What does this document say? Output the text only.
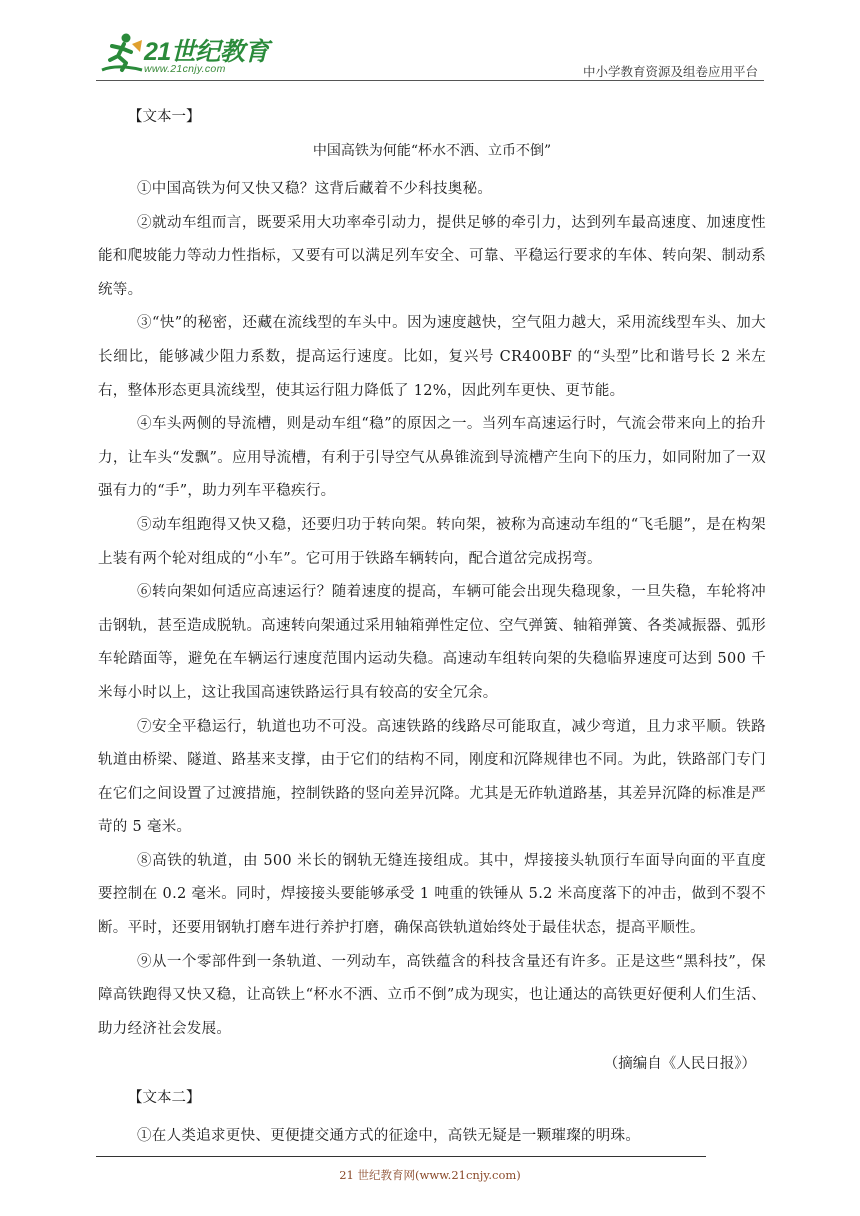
21世纪教育
www.21cnjy.com	中小学教育资源及组卷应用平台
【文本一】
中国高铁为何能“杯水不洒、立币不倒”

①中国高铁为何又快又稳？这背后藏着不少科技奥秘。

②就动车组而言，既要采用大功率牵引动力，提供足够的牵引力，达到列车最高速度、加速度性能和爬坡能力等动力性指标，又要有可以满足列车安全、可靠、平稳运行要求的车体、转向架、制动系统等。

③“快”的秘密，还藏在流线型的车头中。因为速度越快，空气阻力越大，采用流线型车头、加大长细比，能够减少阻力系数，提高运行速度。比如，复兴号 CR400BF 的“头型”比和谐号长 2 米左右，整体形态更具流线型，使其运行阻力降低了 12%，因此列车更快、更节能。

④车头两侧的导流槽，则是动车组“稳”的原因之一。当列车高速运行时，气流会带来向上的抬升力，让车头“发飘”。应用导流槽，有利于引导空气从鼻锥流到导流槽产生向下的压力，如同附加了一双强有力的“手”，助力列车平稳疾行。

⑤动车组跑得又快又稳，还要归功于转向架。转向架，被称为高速动车组的“飞毛腿”，是在构架上装有两个轮对组成的“小车”。它可用于铁路车辆转向，配合道岔完成拐弯。

⑥转向架如何适应高速运行？随着速度的提高，车辆可能会出现失稳现象，一旦失稳，车轮将冲击钢轨，甚至造成脱轨。高速转向架通过采用轴箱弹性定位、空气弹簧、轴箱弹簧、各类减振器、弧形车轮踏面等，避免在车辆运行速度范围内运动失稳。高速动车组转向架的失稳临界速度可达到 500 千米每小时以上，这让我国高速铁路运行具有较高的安全冗余。

⑦安全平稳运行，轨道也功不可没。高速铁路的线路尽可能取直，减少弯道，且力求平顺。铁路轨道由桥梁、隧道、路基来支撑，由于它们的结构不同，刚度和沉降规律也不同。为此，铁路部门专门在它们之间设置了过渡措施，控制铁路的竖向差异沉降。尤其是无砟轨道路基，其差异沉降的标准是严苛的 5 毫米。

⑧高铁的轨道，由 500 米长的钢轨无缝连接组成。其中，焊接接头轨顶行车面导向面的平直度要控制在 0.2 毫米。同时，焊接接头要能够承受 1 吨重的铁锤从 5.2 米高度落下的冲击，做到不裂不断。平时，还要用钢轨打磨车进行养护打磨，确保高铁轨道始终处于最佳状态，提高平顺性。

⑨从一个零部件到一条轨道、一列动车，高铁蕴含的科技含量还有许多。正是这些“黑科技”，保障高铁跑得又快又稳，让高铁上“杯水不洒、立币不倒”成为现实，也让通达的高铁更好便利人们生活、助力经济社会发展。

（摘编自《人民日报》）
【文本二】

①在人类追求更快、更便捷交通方式的征途中，高铁无疑是一颗璀璨的明珠。

21 世纪教育网(www.21cnjy.com)
